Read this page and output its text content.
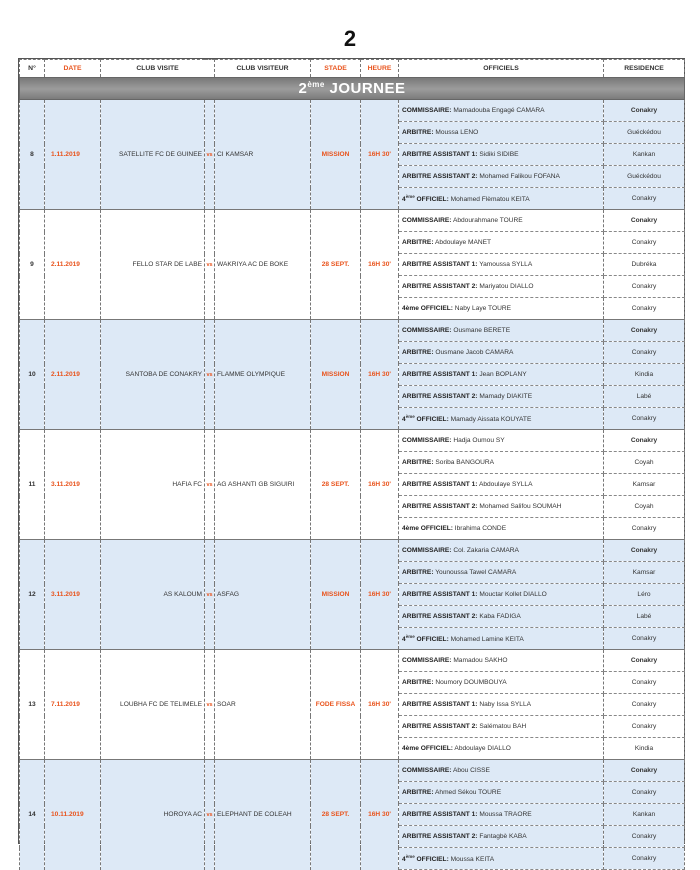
2
N°	DATE	CLUB VISITE		CLUB VISITEUR	STADE	HEURE	OFFICIELS	RESIDENCE
2ème JOURNEE								
8	1.11.2019	SATELLITE FC DE GUINEE	vs	CI KAMSAR	MISSION	16H 30'	COMMISSAIRE: Mamadouba Engagé CAMARA	Conakry
							ARBITRE: Moussa LENO	Guéckédou
							ARBITRE ASSISTANT 1: Sidiki SIDIBE	Kankan
							ARBITRE ASSISTANT 2: Mohamed Falikou FOFANA	Guéckédou
							4ème OFFICIEL: Mohamed Flèmatou KEITA	Conakry
9	2.11.2019	FELLO STAR DE LABE	vs	WAKRIYA AC DE BOKE	28 SEPT.	16H 30'	COMMISSAIRE: Abdourahmane TOURE	Conakry
							ARBITRE: Abdoulaye MANET	Conakry
							ARBITRE ASSISTANT 1: Yamoussa SYLLA	Dubréka
							ARBITRE ASSISTANT 2: Mariyatou DIALLO	Conakry
							4ème OFFICIEL: Naby Laye TOURE	Conakry
10	2.11.2019	SANTOBA DE CONAKRY	vs	FLAMME OLYMPIQUE	MISSION	16H 30'	COMMISSAIRE: Ousmane BERETE	Conakry
							ARBITRE: Ousmane Jacob CAMARA	Conakry
							ARBITRE ASSISTANT 1: Jean BOPLANY	Kindia
							ARBITRE ASSISTANT 2: Mamady DIAKITE	Labé
							4ème OFFICIEL: Mamady Aissata KOUYATE	Conakry
11	3.11.2019	HAFIA FC	vs	AG ASHANTI GB SIGUIRI	28 SEPT.	16H 30'	COMMISSAIRE: Hadja Oumou SY	Conakry
							ARBITRE: Soriba BANGOURA	Coyah
							ARBITRE ASSISTANT 1: Abdoulaye SYLLA	Kamsar
							ARBITRE ASSISTANT 2: Mohamed Salifou SOUMAH	Coyah
							4ème OFFICIEL: Ibrahima CONDE	Conakry
12	3.11.2019	AS KALOUM	vs	ASFAG	MISSION	16H 30'	COMMISSAIRE: Col. Zakaria CAMARA	Conakry
							ARBITRE: Younoussa Tawel CAMARA	Kamsar
							ARBITRE ASSISTANT 1: Mouctar Kollet DIALLO	Léro
							ARBITRE ASSISTANT 2: Kaba FADIGA	Labé
							4ème OFFICIEL: Mohamed Lamine KEITA	Conakry
13	7.11.2019	LOUBHA FC DE TELIMELE	vs	SOAR	FODE FISSA	16H 30'	COMMISSAIRE: Mamadou SAKHO	Conakry
							ARBITRE: Noumory DOUMBOUYA	Conakry
							ARBITRE ASSISTANT 1: Naby Issa SYLLA	Conakry
							ARBITRE ASSISTANT 2: Salématou BAH	Conakry
							4ème OFFICIEL: Abdoulaye DIALLO	Kindia
14	10.11.2019	HOROYA AC	vs	ELEPHANT DE COLEAH	28 SEPT.	16H 30'	COMMISSAIRE: Abou CISSE	Conakry
							ARBITRE: Ahmed Sékou TOURE	Conakry
							ARBITRE ASSISTANT 1: Moussa TRAORE	Kankan
							ARBITRE ASSISTANT 2: Fantagbè KABA	Conakry
							4ème OFFICIEL: Moussa KEITA	Conakry
